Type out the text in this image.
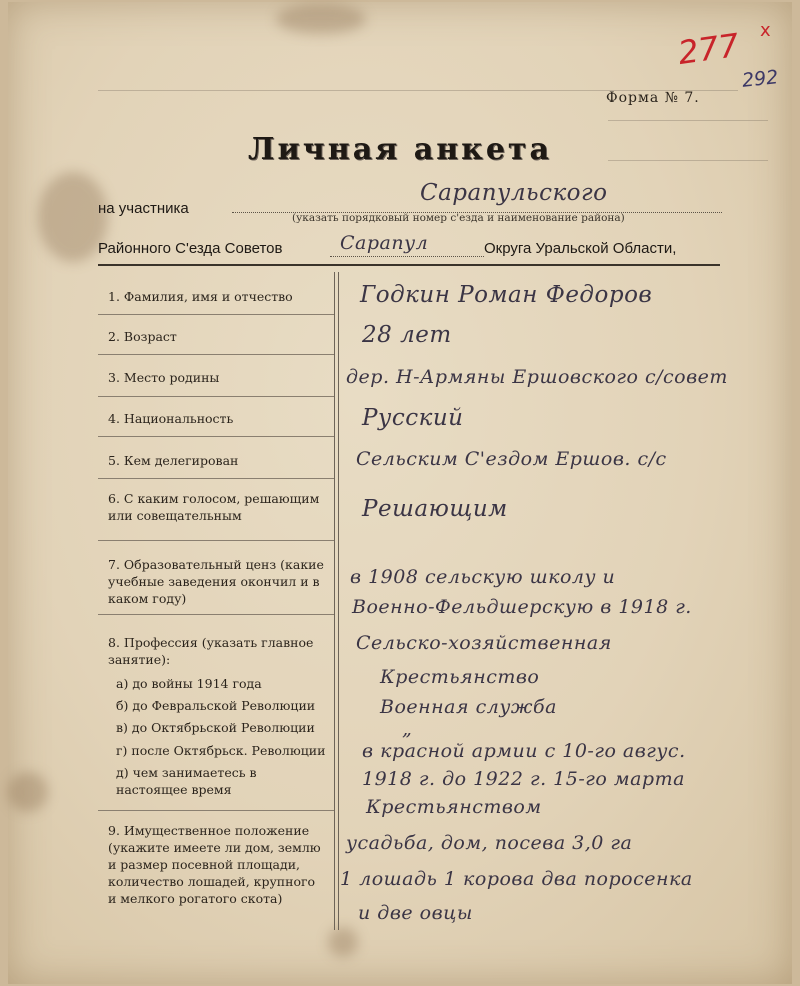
277 x
292
Форма № 7.
Личная анкета
на участника
Сарапульского
(указать порядковый номер с'езда и наименование района)
Районного С'езда Советов	Сарапул	Округа Уральской Области,
1. Фамилия, имя и отчество
2. Возраст
3. Место родины
4. Национальность
5. Кем делегирован
6. С каким голосом, решающим или совещательным
7. Образовательный ценз (какие учебные заведения окончил и в каком году)
8. Профессия (указать главное занятие):
а) до войны 1914 года
б) до Февральской Революции
в) до Октябрьской Революции
г) после Октябрьск. Революции
д) чем занимаетесь в настоящее время
9. Имущественное положение (укажите имеете ли дом, землю и размер посевной площади, количество лошадей, крупного и мелкого рогатого скота)
Годкин Роман Федоров
28 лет
дер. Н-Армяны Ершовского с/совет
Русский
Сельским С'ездом Ершов. с/с
Решающим
в 1908 сельскую школу и
Военно-Фельдшерскую в 1918 г.
Сельско-хозяйственная
Крестьянство
Военная служба
„
в красной армии с 10-го авгус.
1918 г. до 1922 г. 15-го марта
Крестьянством
усадьба, дом, посева 3,0 га
1 лошадь 1 корова два поросенка
и две овцы
